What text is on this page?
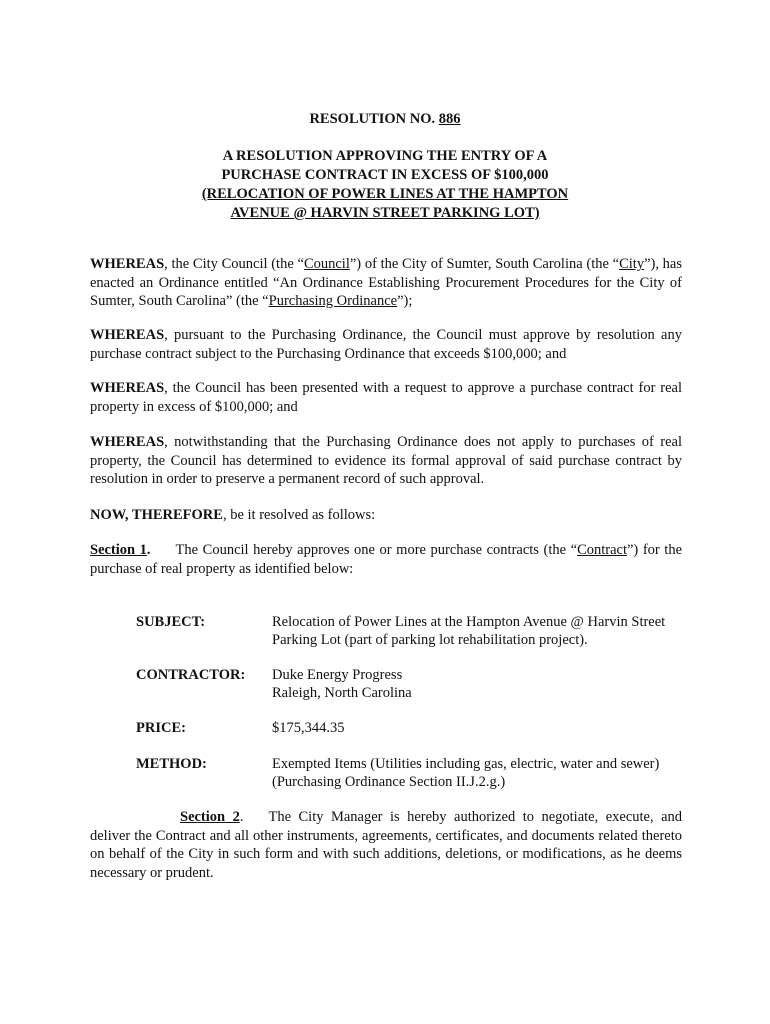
RESOLUTION NO. 886
A RESOLUTION APPROVING THE ENTRY OF A
PURCHASE CONTRACT IN EXCESS OF $100,000
(RELOCATION OF POWER LINES AT THE HAMPTON
AVENUE @ HARVIN STREET PARKING LOT)
WHEREAS, the City Council (the “Council”) of the City of Sumter, South Carolina (the “City”), has enacted an Ordinance entitled “An Ordinance Establishing Procurement Procedures for the City of Sumter, South Carolina” (the “Purchasing Ordinance”);
WHEREAS, pursuant to the Purchasing Ordinance, the Council must approve by resolution any purchase contract subject to the Purchasing Ordinance that exceeds $100,000; and
WHEREAS, the Council has been presented with a request to approve a purchase contract for real property in excess of $100,000; and
WHEREAS, notwithstanding that the Purchasing Ordinance does not apply to purchases of real property, the Council has determined to evidence its formal approval of said purchase contract by resolution in order to preserve a permanent record of such approval.
NOW, THEREFORE, be it resolved as follows:
Section 1. The Council hereby approves one or more purchase contracts (the “Contract”) for the purchase of real property as identified below:
SUBJECT:	Relocation of Power Lines at the Hampton Avenue @ Harvin Street
Parking Lot (part of parking lot rehabilitation project).
CONTRACTOR: Duke Energy Progress
Raleigh, North Carolina
PRICE:	$175,344.35
METHOD:	Exempted Items (Utilities including gas, electric, water and sewer)
(Purchasing Ordinance Section II.J.2.g.)
Section 2. The City Manager is hereby authorized to negotiate, execute, and deliver the Contract and all other instruments, agreements, certificates, and documents related thereto on behalf of the City in such form and with such additions, deletions, or modifications, as he deems necessary or prudent.
